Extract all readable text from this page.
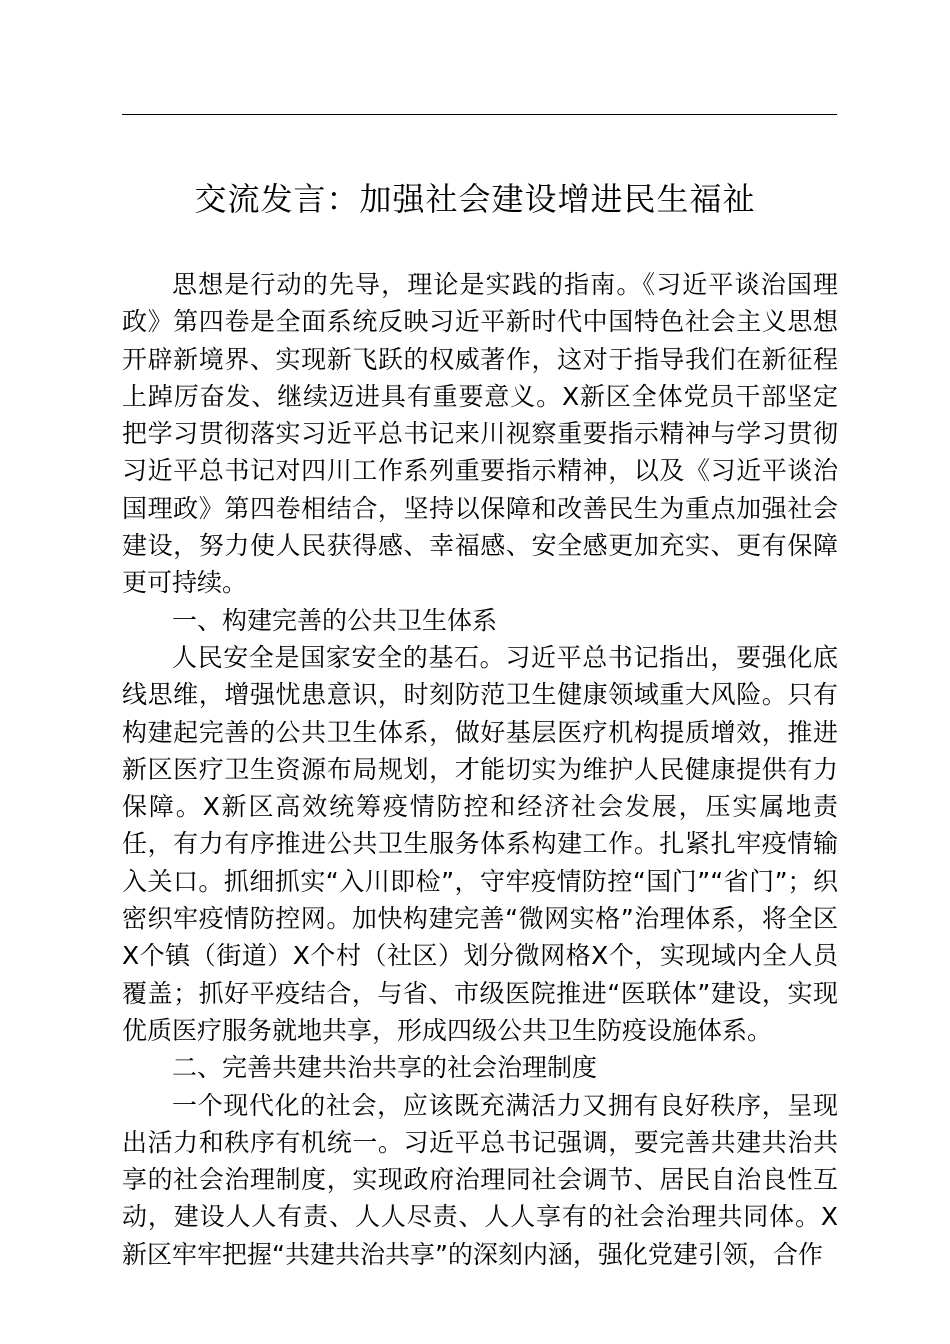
交流发言：加强社会建设增进民生福祉

思想是行动的先导，理论是实践的指南。《习近平谈治国理政》第四卷是全面系统反映习近平新时代中国特色社会主义思想开辟新境界、实现新飞跃的权威著作，这对于指导我们在新征程上踔厉奋发、继续迈进具有重要意义。X新区全体党员干部坚定把学习贯彻落实习近平总书记来川视察重要指示精神与学习贯彻习近平总书记对四川工作系列重要指示精神，以及《习近平谈治国理政》第四卷相结合，坚持以保障和改善民生为重点加强社会建设，努力使人民获得感、幸福感、安全感更加充实、更有保障更可持续。

一、构建完善的公共卫生体系

人民安全是国家安全的基石。习近平总书记指出，要强化底线思维，增强忧患意识，时刻防范卫生健康领域重大风险。只有构建起完善的公共卫生体系，做好基层医疗机构提质增效，推进新区医疗卫生资源布局规划，才能切实为维护人民健康提供有力保障。X新区高效统筹疫情防控和经济社会发展，压实属地责任，有力有序推进公共卫生服务体系构建工作。扎紧扎牢疫情输入关口。抓细抓实“入川即检”，守牢疫情防控“国门”“省门”；织密织牢疫情防控网。加快构建完善“微网实格”治理体系，将全区X个镇（街道）X个村（社区）划分微网格X个，实现域内全人员覆盖；抓好平疫结合，与省、市级医院推进“医联体”建设，实现优质医疗服务就地共享，形成四级公共卫生防疫设施体系。

二、完善共建共治共享的社会治理制度

一个现代化的社会，应该既充满活力又拥有良好秩序，呈现出活力和秩序有机统一。习近平总书记强调，要完善共建共治共享的社会治理制度，实现政府治理同社会调节、居民自治良性互动，建设人人有责、人人尽责、人人享有的社会治理共同体。X新区牢牢把握“共建共治共享”的深刻内涵，强化党建引领，合作
